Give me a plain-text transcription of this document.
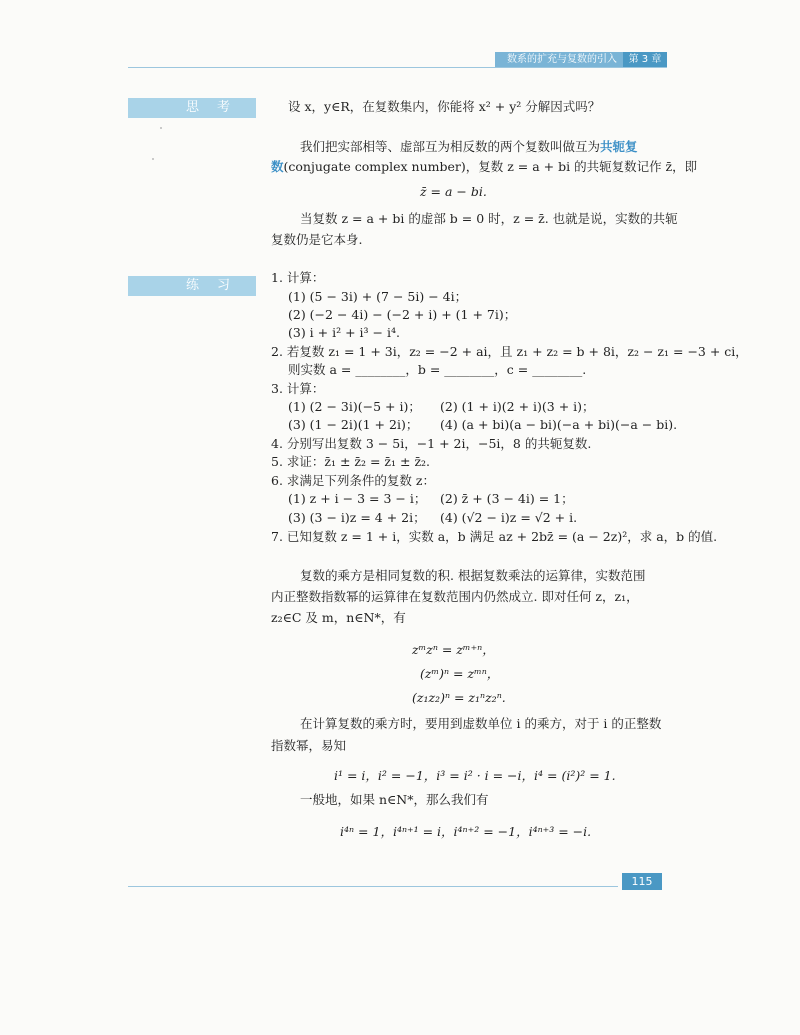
数系的扩充与复数的引入	第 3 章
思考	设 x，y∈R，在复数集内，你能将 x² + y² 分解因式吗？
我们把实部相等、虚部互为相反数的两个复数叫做互为共轭复
数(conjugate complex number)，复数 z = a + bi 的共轭复数记作 z̄，即
z̄ = a − bi.
当复数 z = a + bi 的虚部 b = 0 时，z = z̄. 也就是说，实数的共轭
复数仍是它本身.
练习
1. 计算：
(1) (5 − 3i) + (7 − 5i) − 4i；
(2) (−2 − 4i) − (−2 + i) + (1 + 7i)；
(3) i + i² + i³ − i⁴.
2. 若复数 z₁ = 1 + 3i，z₂ = −2 + ai，且 z₁ + z₂ = b + 8i，z₂ − z₁ = −3 + ci，
则实数 a = ________，b = ________，c = ________.
3. 计算：
(1) (2 − 3i)(−5 + i)； (2) (1 + i)(2 + i)(3 + i)；
(3) (1 − 2i)(1 + 2i)； (4) (a + bi)(a − bi)(−a + bi)(−a − bi).
4. 分别写出复数 3 − 5i，−1 + 2i，−5i，8 的共轭复数.
5. 求证：z̄₁ ± z̄₂ = z̄₁ ± z̄₂.
6. 求满足下列条件的复数 z：
(1) z + i − 3 = 3 − i； (2) z̄ + (3 − 4i) = 1；
(3) (3 − i)z = 4 + 2i； (4) (√2 − i)z = √2 + i.
7. 已知复数 z = 1 + i，实数 a，b 满足 az + 2bz̄ = (a − 2z)²，求 a，b 的值.
复数的乘方是相同复数的积. 根据复数乘法的运算律，实数范围
内正整数指数幂的运算律在复数范围内仍然成立. 即对任何 z，z₁，
z₂∈C 及 m，n∈N*，有
zᵐzⁿ = zᵐ⁺ⁿ，
(zᵐ)ⁿ = zᵐⁿ，
(z₁z₂)ⁿ = z₁ⁿz₂ⁿ.
在计算复数的乘方时，要用到虚数单位 i 的乘方，对于 i 的正整数
指数幂，易知
i¹ = i，i² = −1，i³ = i² · i = −i，i⁴ = (i²)² = 1.
一般地，如果 n∈N*，那么我们有
i⁴ⁿ = 1，i⁴ⁿ⁺¹ = i，i⁴ⁿ⁺² = −1，i⁴ⁿ⁺³ = −i.
115
